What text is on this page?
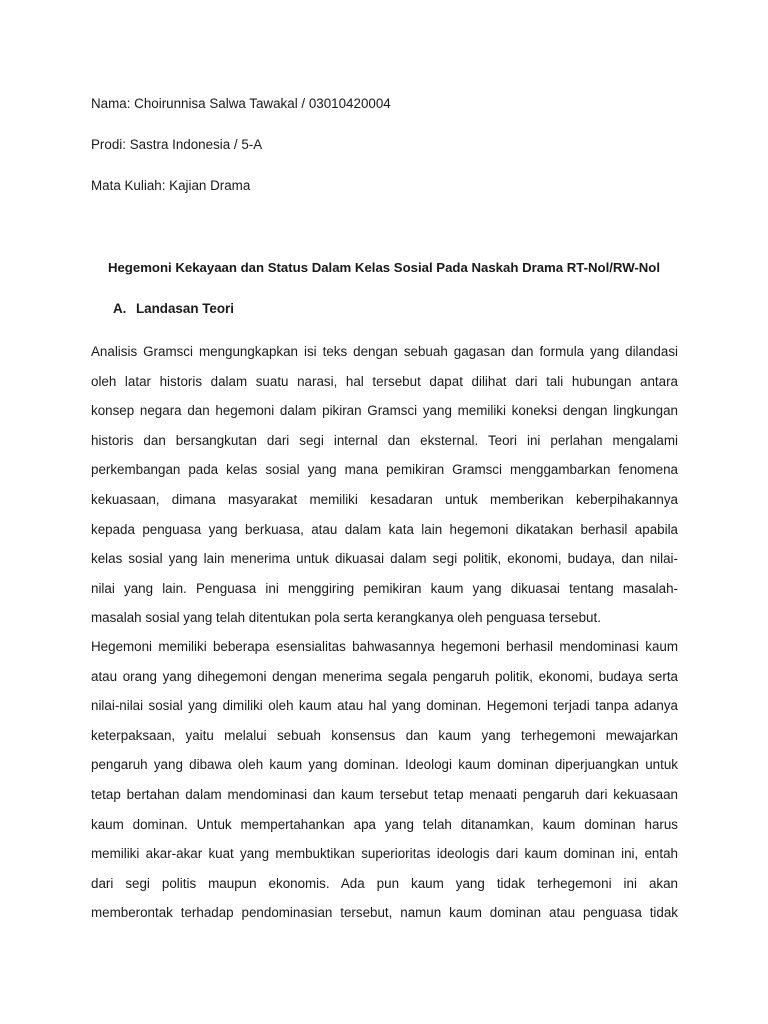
Nama: Choirunnisa Salwa Tawakal / 03010420004
Prodi: Sastra Indonesia / 5-A
Mata Kuliah: Kajian Drama
Hegemoni Kekayaan dan Status Dalam Kelas Sosial Pada Naskah Drama RT-Nol/RW-Nol
A. Landasan Teori
Analisis Gramsci mengungkapkan isi teks dengan sebuah gagasan dan formula yang dilandasi
oleh latar historis dalam suatu narasi, hal tersebut dapat dilihat dari tali hubungan antara
konsep negara dan hegemoni dalam pikiran Gramsci yang memiliki koneksi dengan lingkungan
historis dan bersangkutan dari segi internal dan eksternal. Teori ini perlahan mengalami
perkembangan pada kelas sosial yang mana pemikiran Gramsci menggambarkan fenomena
kekuasaan, dimana masyarakat memiliki kesadaran untuk memberikan keberpihakannya
kepada penguasa yang berkuasa, atau dalam kata lain hegemoni dikatakan berhasil apabila
kelas sosial yang lain menerima untuk dikuasai dalam segi politik, ekonomi, budaya, dan nilai-
nilai yang lain. Penguasa ini menggiring pemikiran kaum yang dikuasai tentang masalah-
masalah sosial yang telah ditentukan pola serta kerangkanya oleh penguasa tersebut.
Hegemoni memiliki beberapa esensialitas bahwasannya hegemoni berhasil mendominasi kaum
atau orang yang dihegemoni dengan menerima segala pengaruh politik, ekonomi, budaya serta
nilai-nilai sosial yang dimiliki oleh kaum atau hal yang dominan. Hegemoni terjadi tanpa adanya
keterpaksaan, yaitu melalui sebuah konsensus dan kaum yang terhegemoni mewajarkan
pengaruh yang dibawa oleh kaum yang dominan. Ideologi kaum dominan diperjuangkan untuk
tetap bertahan dalam mendominasi dan kaum tersebut tetap menaati pengaruh dari kekuasaan
kaum dominan. Untuk mempertahankan apa yang telah ditanamkan, kaum dominan harus
memiliki akar-akar kuat yang membuktikan superioritas ideologis dari kaum dominan ini, entah
dari segi politis maupun ekonomis. Ada pun kaum yang tidak terhegemoni ini akan
memberontak terhadap pendominasian tersebut, namun kaum dominan atau penguasa tidak
